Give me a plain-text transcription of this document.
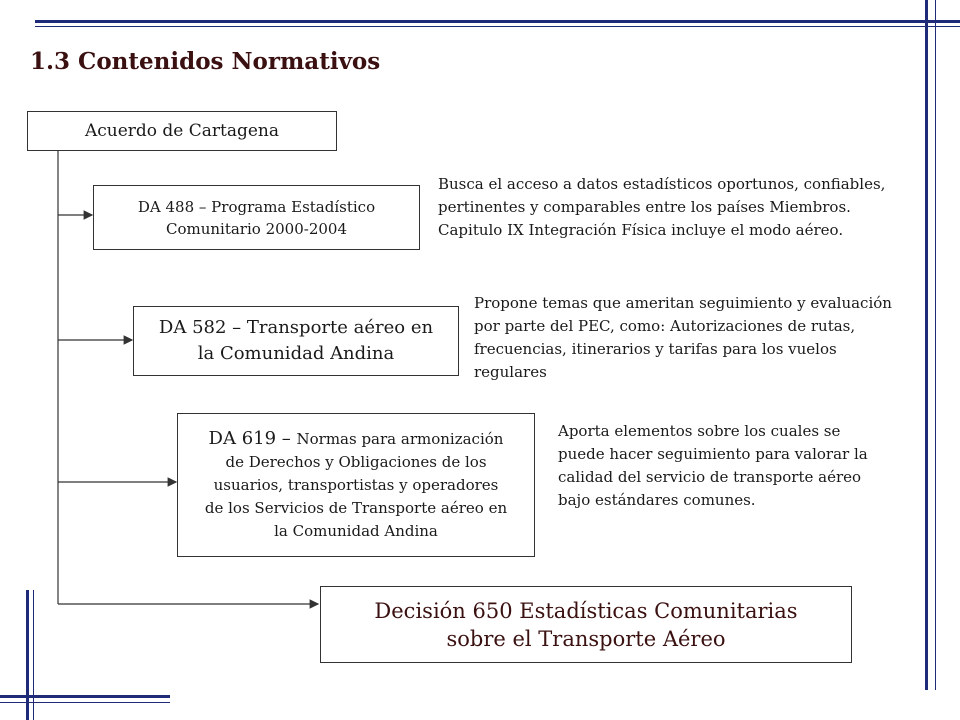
1.3 Contenidos Normativos
Acuerdo de Cartagena
DA 488 – Programa Estadístico
Comunitario 2000-2004
Busca el acceso a datos estadísticos oportunos, confiables, pertinentes y comparables entre los países Miembros. Capitulo IX Integración Física incluye el modo aéreo.
DA 582 – Transporte aéreo en
la Comunidad Andina
Propone temas que ameritan seguimiento y evaluación por parte del PEC, como: Autorizaciones de rutas, frecuencias, itinerarios y tarifas para los vuelos regulares
DA 619 – Normas para armonización
de Derechos y Obligaciones de los
usuarios, transportistas y operadores
de los Servicios de Transporte aéreo en
la Comunidad Andina
Aporta elementos sobre los cuales se puede hacer seguimiento para valorar la calidad del servicio de transporte aéreo bajo estándares comunes.
Decisión 650 Estadísticas Comunitarias
sobre el Transporte Aéreo
